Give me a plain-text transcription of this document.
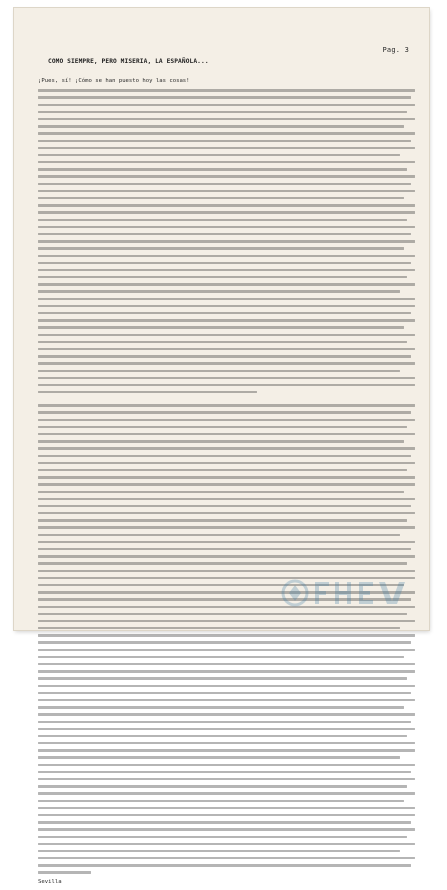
Pag. 3
COMO SIEMPRE, PERO MISERIA, LA ESPAÑOLA...

¡Pues, sí! ¡Cómo se han puesto hoy las cosas!

Sevilla
